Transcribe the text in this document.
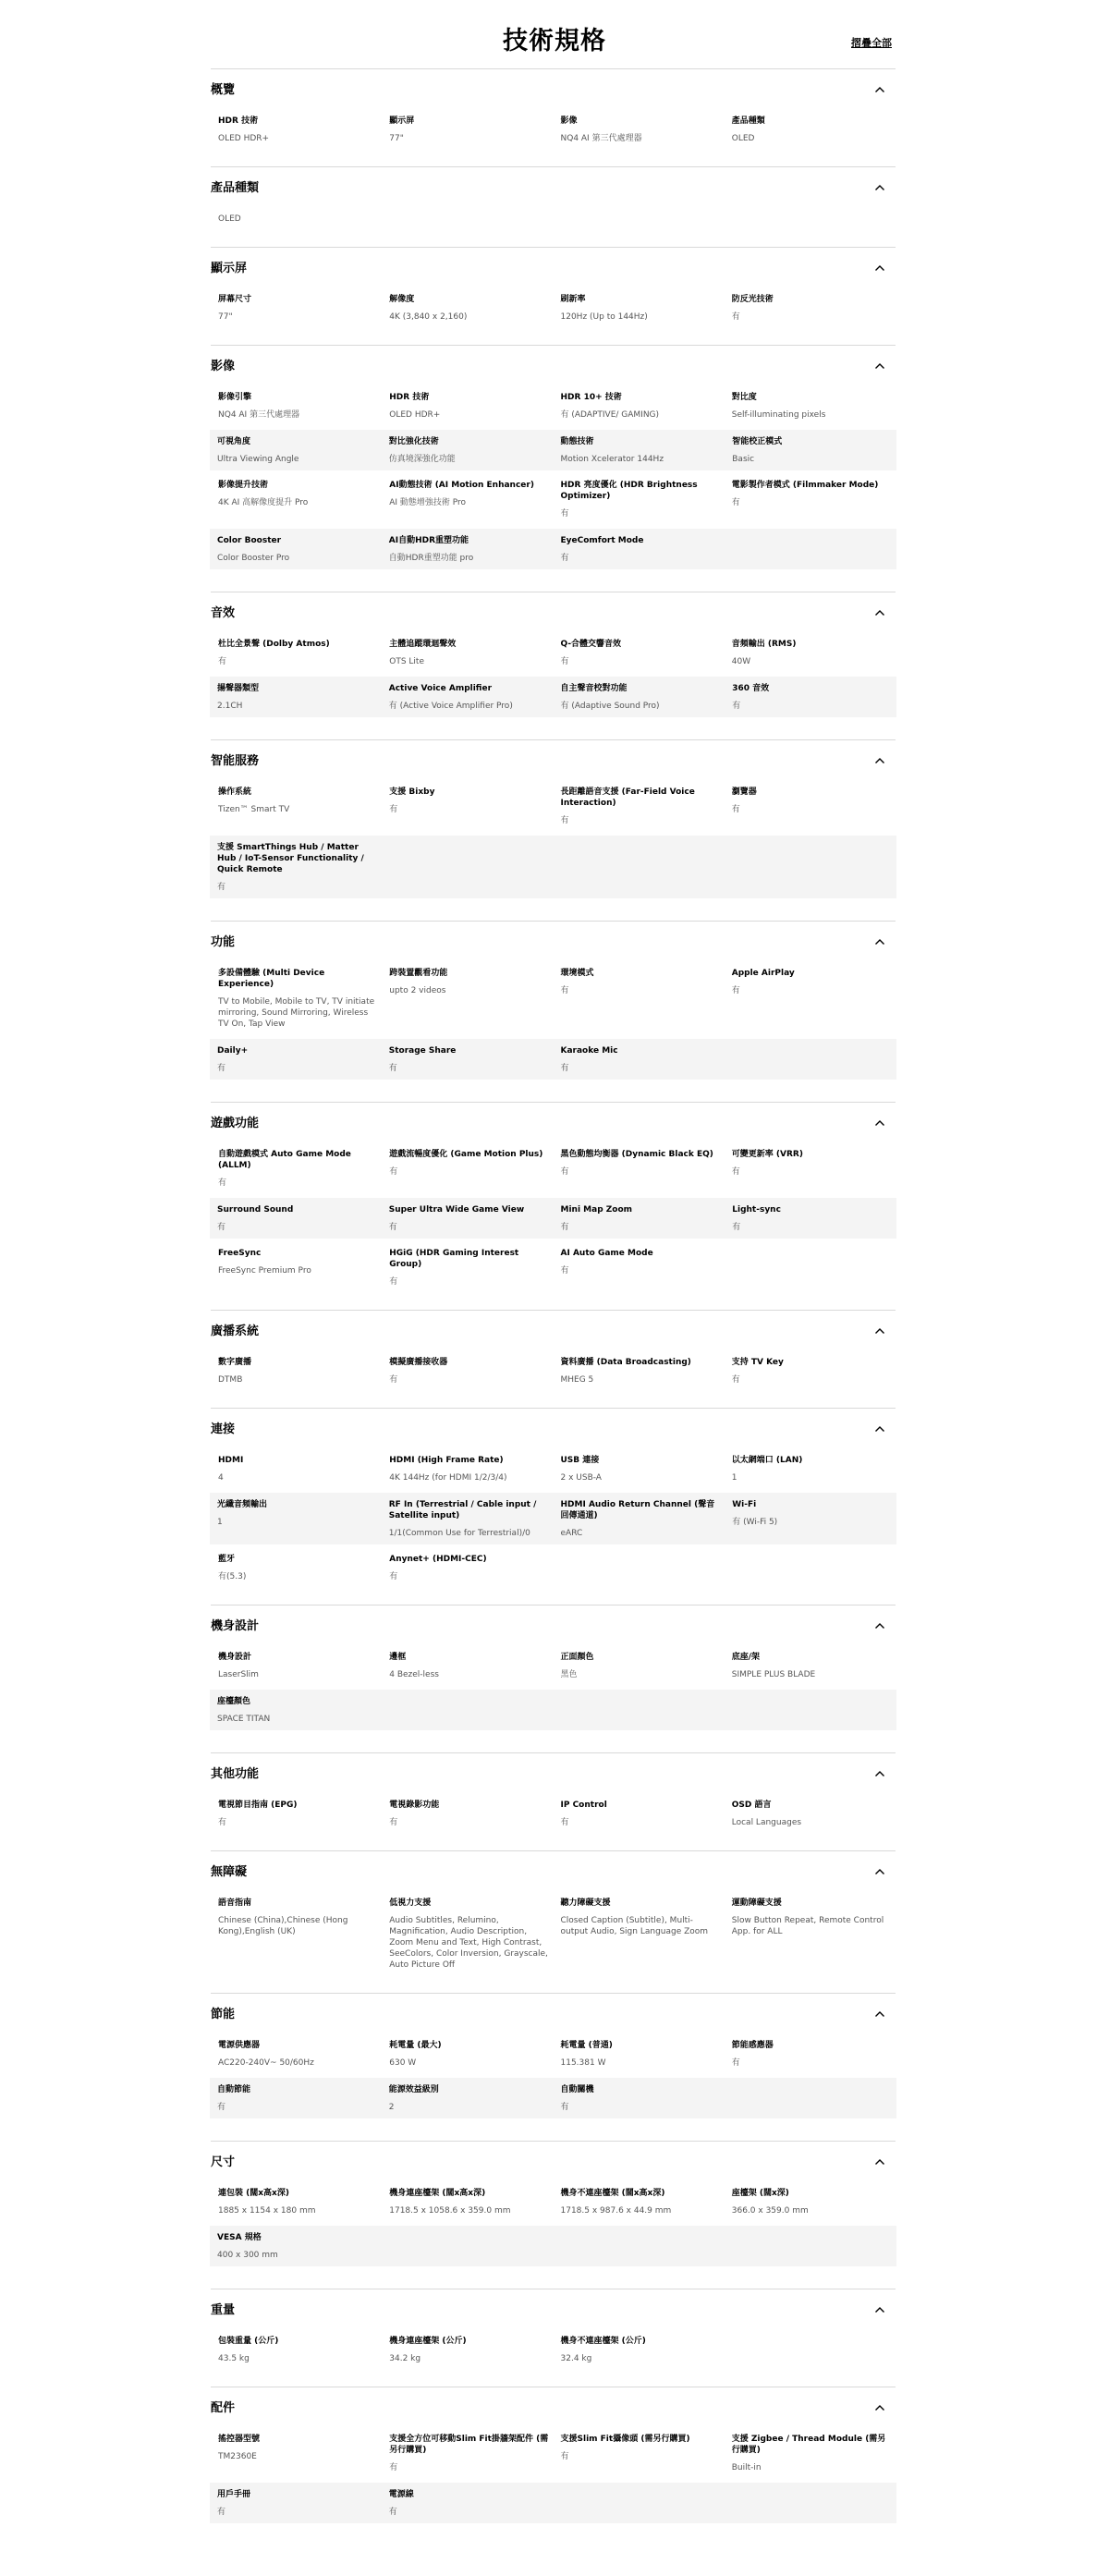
技術規格	摺疊全部
概覽
HDR 技術
OLED HDR+
顯示屏
77"
影像
NQ4 AI 第三代處理器
產品種類
OLED
產品種類
OLED
顯示屏
屏幕尺寸
77"
解像度
4K (3,840 x 2,160)
刷新率
120Hz (Up to 144Hz)
防反光技術
有
影像
影像引擎
NQ4 AI 第三代處理器
HDR 技術
OLED HDR+
HDR 10+ 技術
有 (ADAPTIVE/ GAMING)
對比度
Self-illuminating pixels
可視角度
Ultra Viewing Angle
對比強化技術
仿真境深強化功能
動態技術
Motion Xcelerator 144Hz
智能校正模式
Basic
影像提升技術
4K AI 高解像度提升 Pro
AI動態技術 (AI Motion Enhancer)
AI 動態增強技術 Pro
HDR 亮度優化 (HDR Brightness Optimizer)
有
電影製作者模式 (Filmmaker Mode)
有
Color Booster
Color Booster Pro
AI自動HDR重塑功能
自動HDR重塑功能 pro
EyeComfort Mode
有
音效
杜比全景聲 (Dolby Atmos)
有
主體追蹤環迴聲效
OTS Lite
Q-合體交響音效
有
音頻輸出 (RMS)
40W
揚聲器類型
2.1CH
Active Voice Amplifier
有 (Active Voice Amplifier Pro)
自主聲音校對功能
有 (Adaptive Sound Pro)
360 音效
有
智能服務
操作系統
Tizen™ Smart TV
支援 Bixby
有
長距離語音支援 (Far-Field Voice Interaction)
有
瀏覽器
有
支援 SmartThings Hub / Matter Hub / IoT-Sensor Functionality / Quick Remote
有
功能
多設備體驗 (Multi Device Experience)
TV to Mobile, Mobile to TV, TV initiate mirroring, Sound Mirroring, Wireless TV On, Tap View
跨裝置觀看功能
upto 2 videos
環境模式
有
Apple AirPlay
有
Daily+
有
Storage Share
有
Karaoke Mic
有
遊戲功能
自動遊戲模式 Auto Game Mode (ALLM)
有
遊戲流暢度優化 (Game Motion Plus)
有
黑色動態均衡器 (Dynamic Black EQ)
有
可變更新率 (VRR)
有
Surround Sound
有
Super Ultra Wide Game View
有
Mini Map Zoom
有
Light-sync
有
FreeSync
FreeSync Premium Pro
HGiG (HDR Gaming Interest Group)
有
AI Auto Game Mode
有
廣播系統
數字廣播
DTMB
模擬廣播接收器
有
資料廣播 (Data Broadcasting)
MHEG 5
支持 TV Key
有
連接
HDMI
4
HDMI (High Frame Rate)
4K 144Hz (for HDMI 1/2/3/4)
USB 連接
2 x USB-A
以太網端口 (LAN)
1
光纖音頻輸出
1
RF In (Terrestrial / Cable input / Satellite input)
1/1(Common Use for Terrestrial)/0
HDMI Audio Return Channel (聲音回傳通道)
eARC
Wi-Fi
有 (Wi-Fi 5)
藍牙
有(5.3)
Anynet+ (HDMI-CEC)
有
機身設計
機身設計
LaserSlim
邊框
4 Bezel-less
正面顏色
黑色
底座/架
SIMPLE PLUS BLADE
座檯顏色
SPACE TITAN
其他功能
電視節目指南 (EPG)
有
電視錄影功能
有
IP Control
有
OSD 語言
Local Languages
無障礙
語音指南
Chinese (China),Chinese (Hong Kong),English (UK)
低視力支援
Audio Subtitles, Relumino, Magnification, Audio Description, Zoom Menu and Text, High Contrast, SeeColors, Color Inversion, Grayscale, Auto Picture Off
聽力障礙支援
Closed Caption (Subtitle), Multi-output Audio, Sign Language Zoom
運動障礙支援
Slow Button Repeat, Remote Control App. for ALL
節能
電源供應器
AC220-240V~ 50/60Hz
耗電量 (最大)
630 W
耗電量 (普通)
115.381 W
節能感應器
有
自動節能
有
能源效益級別
2
自動關機
有
尺寸
連包裝 (闊x高x深)
1885 x 1154 x 180 mm
機身連座檯架 (闊x高x深)
1718.5 x 1058.6 x 359.0 mm
機身不連座檯架 (闊x高x深)
1718.5 x 987.6 x 44.9 mm
座檯架 (闊x深)
366.0 x 359.0 mm
VESA 規格
400 x 300 mm
重量
包裝重量 (公斤)
43.5 kg
機身連座檯架 (公斤)
34.2 kg
機身不連座檯架 (公斤)
32.4 kg
配件
搖控器型號
TM2360E
支援全方位可移動Slim Fit掛牆架配件 (需另行購買)
有
支援Slim Fit攝像頭 (需另行購買)
有
支援 Zigbee / Thread Module (需另行購買)
Built-in
用戶手冊
有
電源線
有
